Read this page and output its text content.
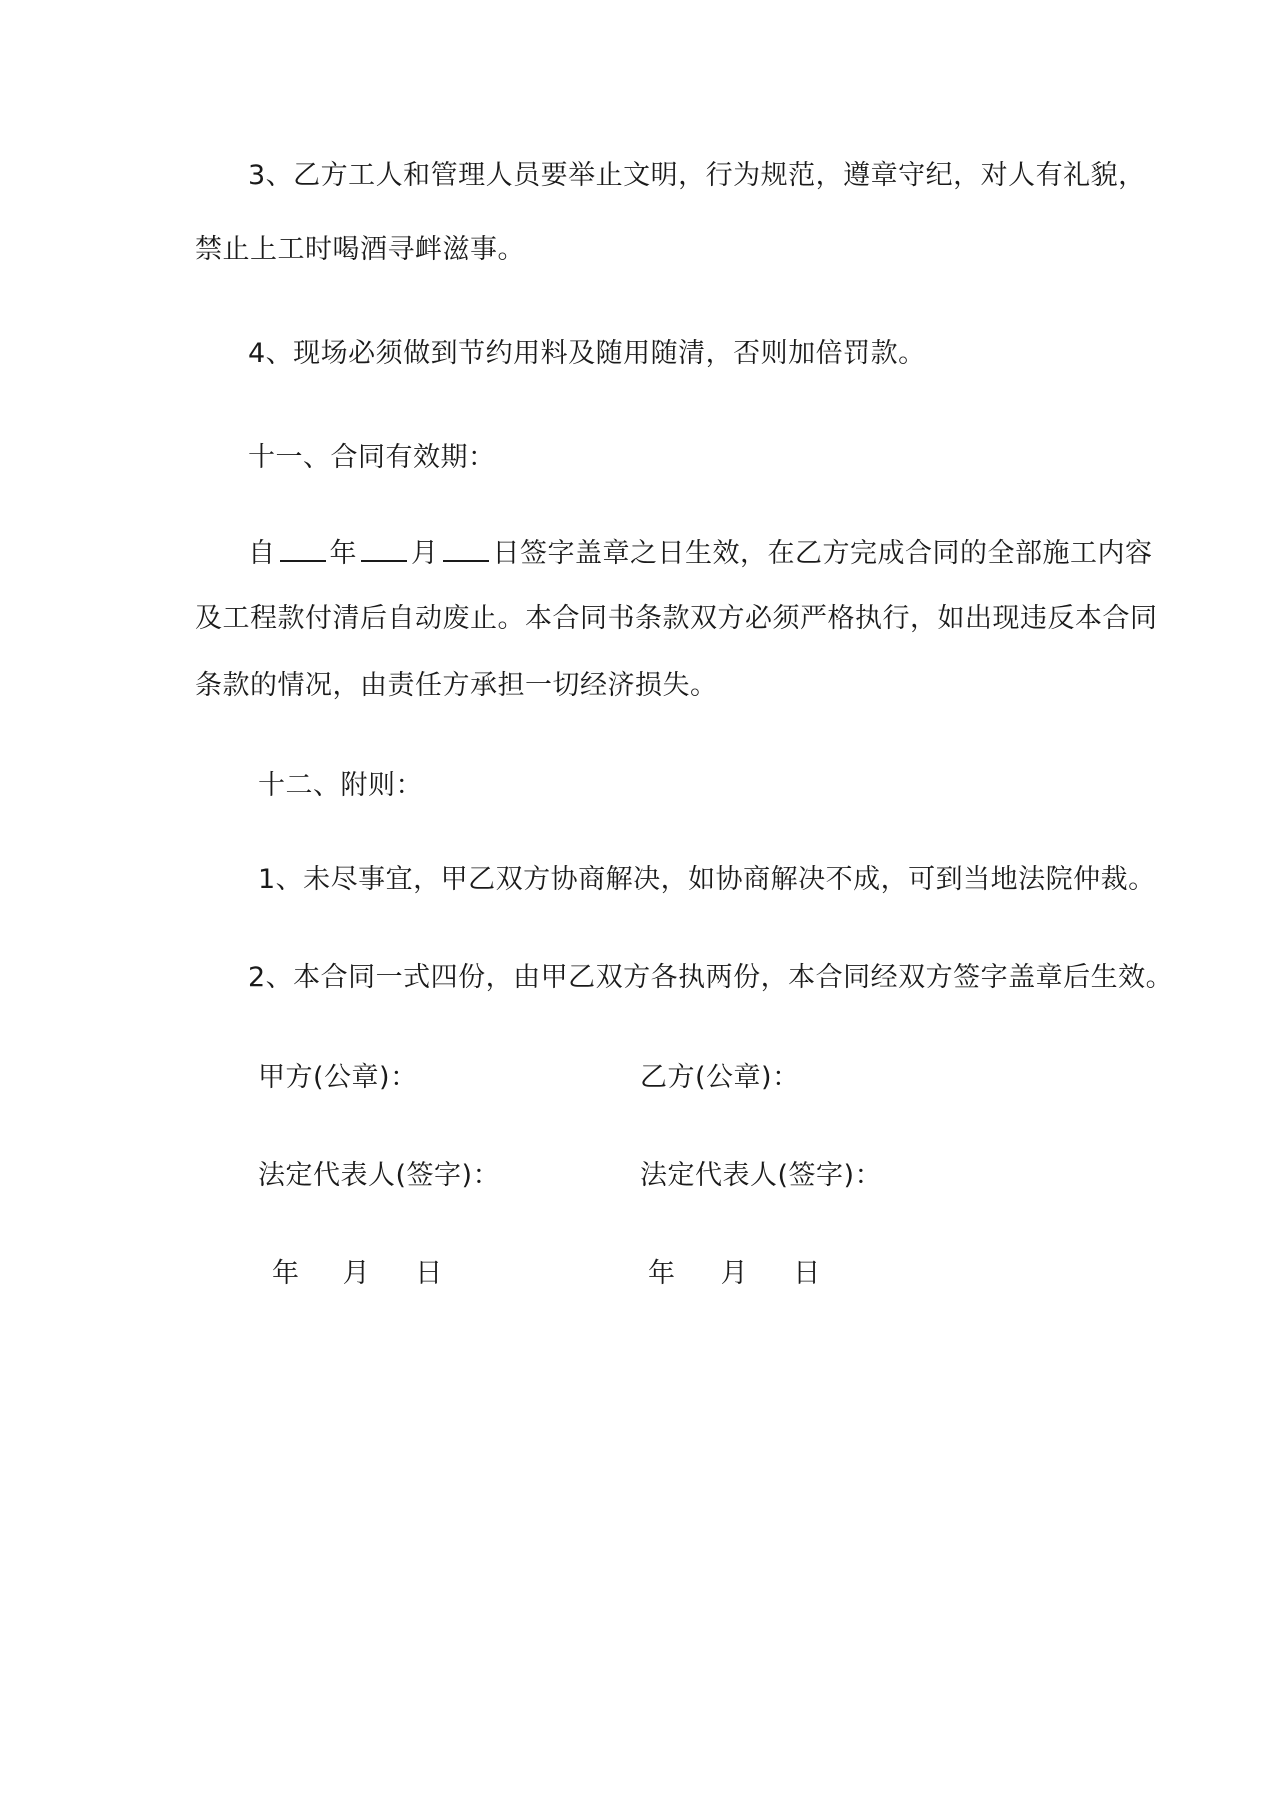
3、乙方工人和管理人员要举止文明，行为规范，遵章守纪，对人有礼貌，
禁止上工时喝酒寻衅滋事。
4、现场必须做到节约用料及随用随清，否则加倍罚款。
十一、合同有效期：
自 年 月 日签字盖章之日生效，在乙方完成合同的全部施工内容
及工程款付清后自动废止。本合同书条款双方必须严格执行，如出现违反本合同
条款的情况，由责任方承担一切经济损失。
十二、附则：
1、未尽事宜，甲乙双方协商解决，如协商解决不成，可到当地法院仲裁。
2、本合同一式四份，由甲乙双方各执两份，本合同经双方签字盖章后生效。
甲方(公章)：	乙方(公章)：
法定代表人(签字)：	法定代表人(签字)：
年 月 日	年 月 日
